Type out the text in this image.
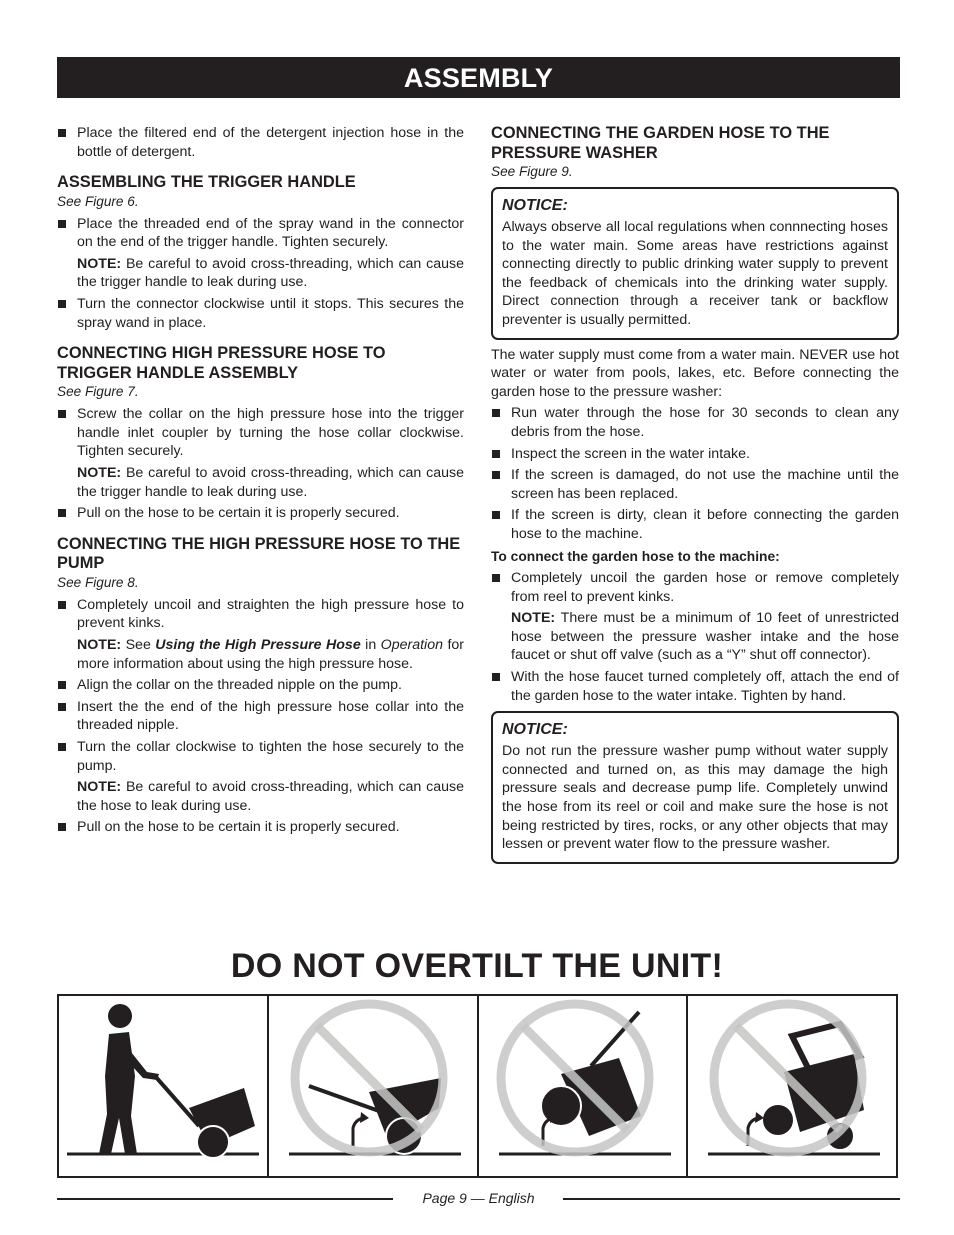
ASSEMBLY

Place the filtered end of the detergent injection hose in the bottle of detergent.

ASSEMBLING THE TRIGGER HANDLE

See Figure 6.

Place the threaded end of the spray wand in the connector on the end of the trigger handle. Tighten securely.

NOTE: Be careful to avoid cross-threading, which can cause the trigger handle to leak during use.

Turn the connector clockwise until it stops. This secures the spray wand in place.

CONNECTING HIGH PRESSURE HOSE TO TRIGGER HANDLE ASSEMBLY

See Figure 7.

Screw the collar on the high pressure hose into the trigger handle inlet coupler by turning the hose collar clockwise. Tighten securely.

NOTE: Be careful to avoid cross-threading, which can cause the trigger handle to leak during use.

Pull on the hose to be certain it is properly secured.

CONNECTING THE HIGH PRESSURE HOSE TO THE PUMP

See Figure 8.

Completely uncoil and straighten the high pressure hose to prevent kinks.

NOTE: See Using the High Pressure Hose in Operation for more information about using the high pressure hose.

Align the collar on the threaded nipple on the pump.

Insert the the end of the high pressure hose collar into the threaded nipple.

Turn the collar clockwise to tighten the hose securely to the pump.

NOTE: Be careful to avoid cross-threading, which can cause the hose to leak during use.

Pull on the hose to be certain it is properly secured.

CONNECTING THE GARDEN HOSE TO THE PRESSURE WASHER

See Figure 9.

NOTICE:

Always observe all local regulations when connnecting hoses to the water main. Some areas have restrictions against connecting directly to public drinking water supply to prevent the feedback of chemicals into the drinking water supply. Direct connection through a receiver tank or backflow preventer is usually permitted.

The water supply must come from a water main. NEVER use hot water or water from pools, lakes, etc. Before connecting the garden hose to the pressure washer:

Run water through the hose for 30 seconds to clean any debris from the hose.

Inspect the screen in the water intake.

If the screen is damaged, do not use the machine until the screen has been replaced.

If the screen is dirty, clean it before connecting the garden hose to the machine.

To connect the garden hose to the machine:

Completely uncoil the garden hose or remove completely from reel to prevent kinks.

NOTE: There must be a minimum of 10 feet of unrestricted hose between the pressure washer intake and the hose faucet or shut off valve (such as a “Y” shut off connector).

With the hose faucet turned completely off, attach the end of the garden hose to the water intake. Tighten by hand.

NOTICE:

Do not run the pressure washer pump without water supply connected and turned on, as this may damage the high pressure seals and decrease pump life. Completely unwind the hose from its reel or coil and make sure the hose is not being restricted by tires, rocks, or any other objects that may lessen or prevent water flow to the pressure washer.

DO NOT OVERTILT THE UNIT!
Page 9 — English
